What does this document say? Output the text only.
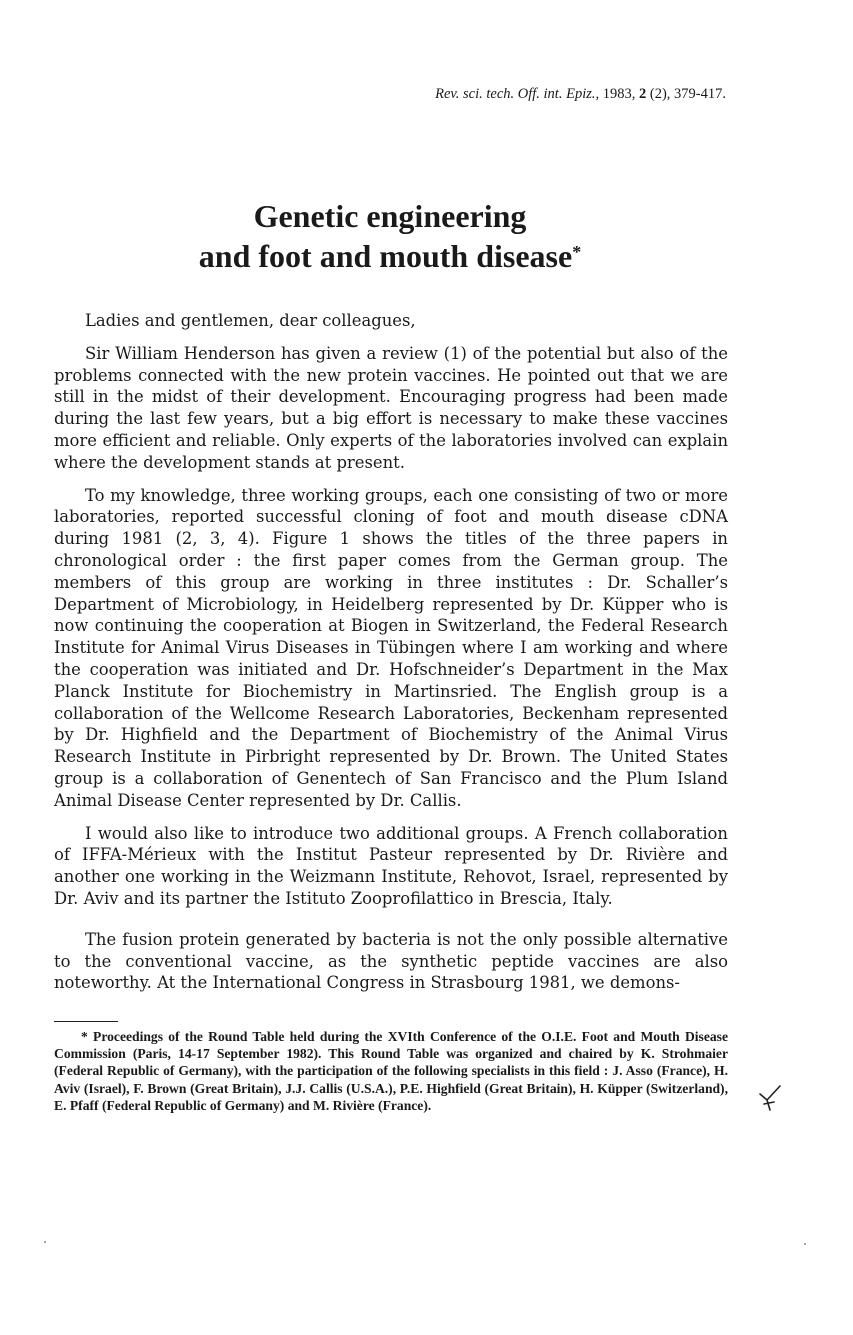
Rev. sci. tech. Off. int. Epiz., 1983, 2 (2), 379-417.
Genetic engineering
and foot and mouth disease*

Ladies and gentlemen, dear colleagues,

Sir William Henderson has given a review (1) of the potential but also of the problems connected with the new protein vaccines. He pointed out that we are still in the midst of their development. Encouraging progress had been made during the last few years, but a big effort is necessary to make these vaccines more efficient and reliable. Only experts of the laboratories involved can explain where the development stands at present.

To my knowledge, three working groups, each one consisting of two or more laboratories, reported successful cloning of foot and mouth disease cDNA during 1981 (2, 3, 4). Figure 1 shows the titles of the three papers in chronological order : the first paper comes from the German group. The members of this group are working in three institutes : Dr. Schaller’s Department of Microbiology, in Heidelberg represented by Dr. Küpper who is now continuing the cooperation at Biogen in Switzerland, the Federal Research Institute for Animal Virus Diseases in Tübingen where I am working and where the cooperation was initiated and Dr. Hofschneider’s Department in the Max Planck Institute for Biochemistry in Martinsried. The English group is a collaboration of the Wellcome Research Laboratories, Beckenham represented by Dr. Highfield and the Department of Biochemistry of the Animal Virus Research Institute in Pirbright represented by Dr. Brown. The United States group is a collaboration of Genentech of San Francisco and the Plum Island Animal Disease Center represented by Dr. Callis.

I would also like to introduce two additional groups. A French collaboration of IFFA-Mérieux with the Institut Pasteur represented by Dr. Rivière and another one working in the Weizmann Institute, Rehovot, Israel, represented by Dr. Aviv and its partner the Istituto Zooprofilattico in Brescia, Italy.

The fusion protein generated by bacteria is not the only possible alternative to the conventional vaccine, as the synthetic peptide vaccines are also noteworthy. At the International Congress in Strasbourg 1981, we demons-

* Proceedings of the Round Table held during the XVIth Conference of the O.I.E. Foot and Mouth Disease Commission (Paris, 14-17 September 1982). This Round Table was organized and chaired by K. Strohmaier (Federal Republic of Germany), with the participation of the following specialists in this field : J. Asso (France), H. Aviv (Israel), F. Brown (Great Britain), J.J. Callis (U.S.A.), P.E. Highfield (Great Britain), H. Küpper (Switzerland), E. Pfaff (Federal Republic of Germany) and M. Rivière (France).
